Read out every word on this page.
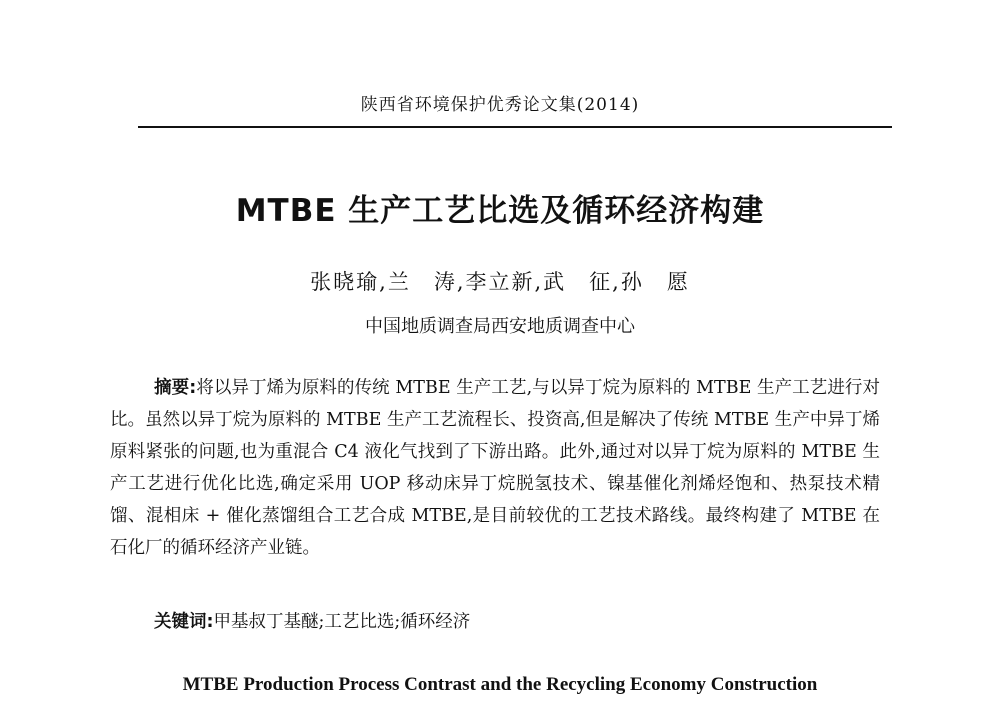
陕西省环境保护优秀论文集(2014)
MTBE 生产工艺比选及循环经济构建
张晓瑜,兰　涛,李立新,武　征,孙　愿
中国地质调查局西安地质调查中心
摘要:将以异丁烯为原料的传统 MTBE 生产工艺,与以异丁烷为原料的 MTBE 生产工艺进行对比。虽然以异丁烷为原料的 MTBE 生产工艺流程长、投资高,但是解决了传统 MTBE 生产中异丁烯原料紧张的问题,也为重混合 C4 液化气找到了下游出路。此外,通过对以异丁烷为原料的 MTBE 生产工艺进行优化比选,确定采用 UOP 移动床异丁烷脱氢技术、镍基催化剂烯烃饱和、热泵技术精馏、混相床 + 催化蒸馏组合工艺合成 MTBE,是目前较优的工艺技术路线。最终构建了 MTBE 在石化厂的循环经济产业链。
关键词:甲基叔丁基醚;工艺比选;循环经济
MTBE Production Process Contrast and the Recycling Economy Construction
